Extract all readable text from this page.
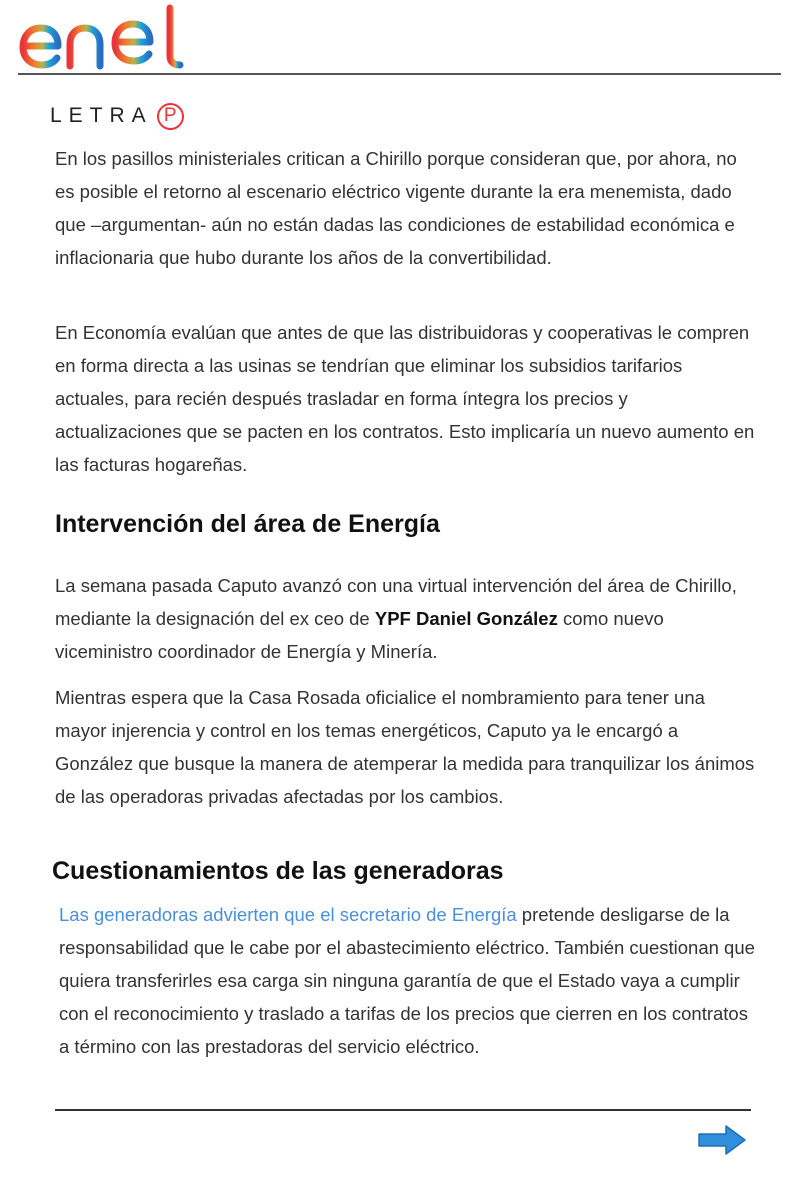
LETRA P

En los pasillos ministeriales critican a Chirillo porque consideran que, por ahora, no es posible el retorno al escenario eléctrico vigente durante la era menemista, dado que –argumentan- aún no están dadas las condiciones de estabilidad económica e inflacionaria que hubo durante los años de la convertibilidad.

En Economía evalúan que antes de que las distribuidoras y cooperativas le compren en forma directa a las usinas se tendrían que eliminar los subsidios tarifarios actuales, para recién después trasladar en forma íntegra los precios y actualizaciones que se pacten en los contratos. Esto implicaría un nuevo aumento en las facturas hogareñas.

Intervención del área de Energía

La semana pasada Caputo avanzó con una virtual intervención del área de Chirillo, mediante la designación del ex ceo de YPF Daniel González como nuevo viceministro coordinador de Energía y Minería.

Mientras espera que la Casa Rosada oficialice el nombramiento para tener una mayor injerencia y control en los temas energéticos, Caputo ya le encargó a González que busque la manera de atemperar la medida para tranquilizar los ánimos de las operadoras privadas afectadas por los cambios.

Cuestionamientos de las generadoras

Las generadoras advierten que el secretario de Energía pretende desligarse de la responsabilidad que le cabe por el abastecimiento eléctrico. También cuestionan que quiera transferirles esa carga sin ninguna garantía de que el Estado vaya a cumplir con el reconocimiento y traslado a tarifas de los precios que cierren en los contratos a término con las prestadoras del servicio eléctrico.
